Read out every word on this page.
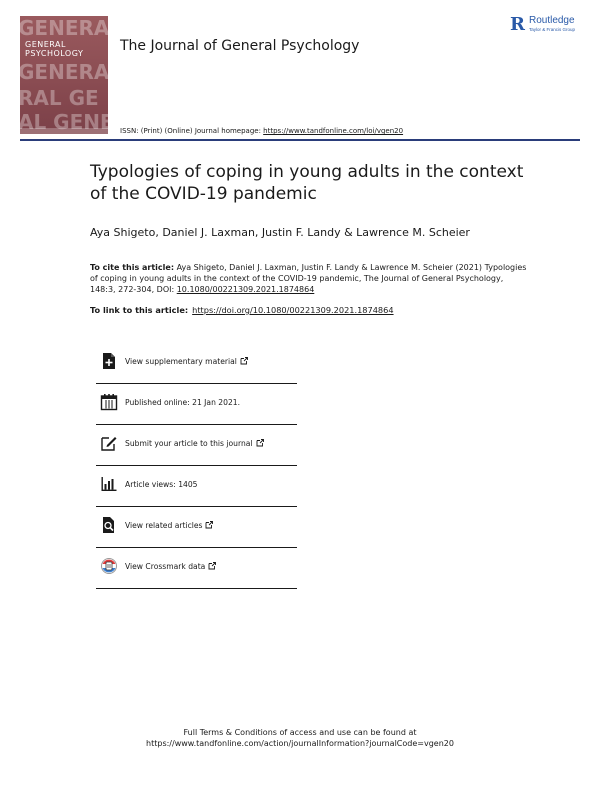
GENERA
GENERAL
PSYCHOLOGY
GENERA
RAL GE
AL GENER
The Journal of General Psychology
R Routledge
Taylor & Francis Group
ISSN: (Print) (Online) Journal homepage: https://www.tandfonline.com/loi/vgen20
Typologies of coping in young adults in the context of the COVID-19 pandemic
Aya Shigeto, Daniel J. Laxman, Justin F. Landy & Lawrence M. Scheier
To cite this article: Aya Shigeto, Daniel J. Laxman, Justin F. Landy & Lawrence M. Scheier (2021) Typologies of coping in young adults in the context of the COVID-19 pandemic, The Journal of General Psychology, 148:3, 272-304, DOI: 10.1080/00221309.2021.1874864
To link to this article: https://doi.org/10.1080/00221309.2021.1874864
View supplementary material
Published online: 21 Jan 2021.
Submit your article to this journal
Article views: 1405
View related articles
View Crossmark data
Full Terms & Conditions of access and use can be found at
https://www.tandfonline.com/action/journalInformation?journalCode=vgen20
